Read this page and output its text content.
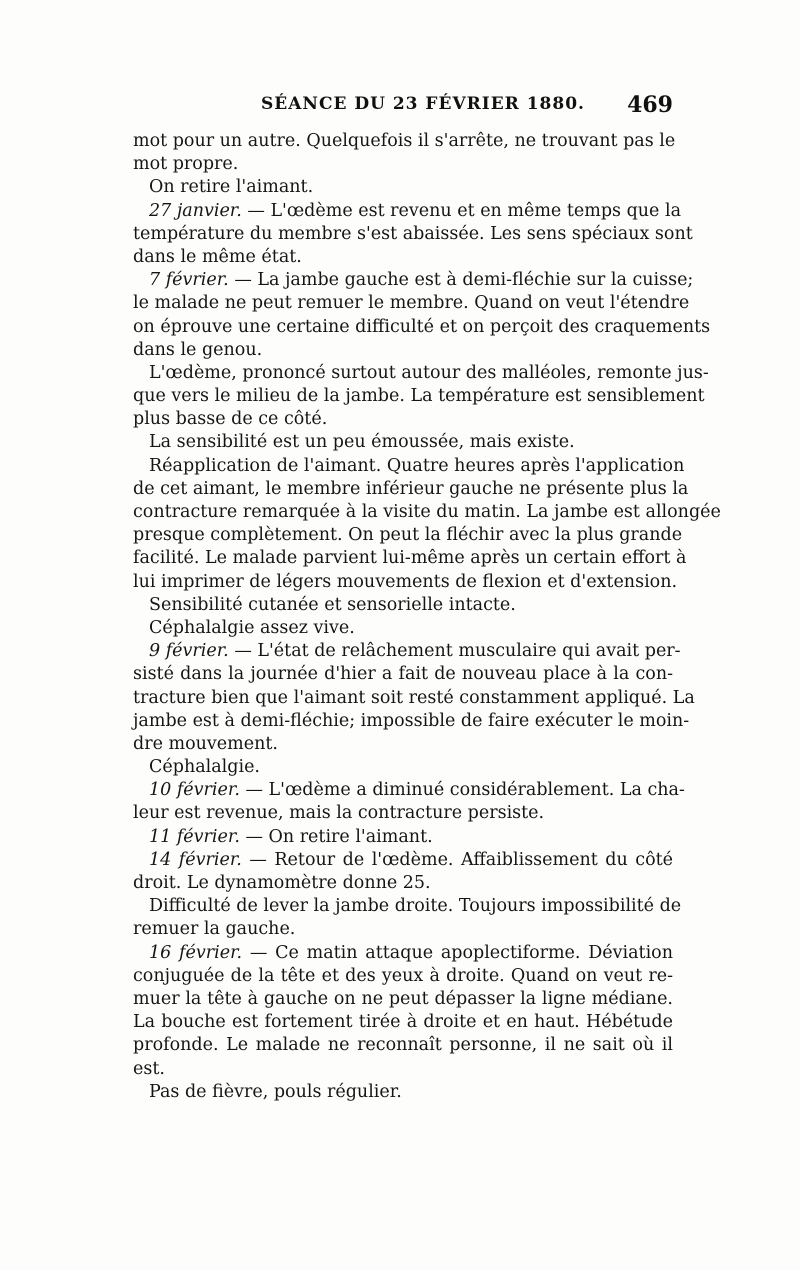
SÉANCE DU 23 FÉVRIER 1880. 469
mot pour un autre. Quelquefois il s'arrête, ne trouvant pas le
mot propre.
On retire l'aimant.
27 janvier. — L'œdème est revenu et en même temps que la
température du membre s'est abaissée. Les sens spéciaux sont
dans le même état.
7 février. — La jambe gauche est à demi-fléchie sur la cuisse;
le malade ne peut remuer le membre. Quand on veut l'étendre
on éprouve une certaine difficulté et on perçoit des craquements
dans le genou.
L'œdème, prononcé surtout autour des malléoles, remonte jus-
que vers le milieu de la jambe. La température est sensiblement
plus basse de ce côté.
La sensibilité est un peu émoussée, mais existe.
Réapplication de l'aimant. Quatre heures après l'application
de cet aimant, le membre inférieur gauche ne présente plus la
contracture remarquée à la visite du matin. La jambe est allongée
presque complètement. On peut la fléchir avec la plus grande
facilité. Le malade parvient lui-même après un certain effort à
lui imprimer de légers mouvements de flexion et d'extension.
Sensibilité cutanée et sensorielle intacte.
Céphalalgie assez vive.
9 février. — L'état de relâchement musculaire qui avait per-
sisté dans la journée d'hier a fait de nouveau place à la con-
tracture bien que l'aimant soit resté constamment appliqué. La
jambe est à demi-fléchie; impossible de faire exécuter le moin-
dre mouvement.
Céphalalgie.
10 février. — L'œdème a diminué considérablement. La cha-
leur est revenue, mais la contracture persiste.
11 février. — On retire l'aimant.
14 février. — Retour de l'œdème. Affaiblissement du côté
droit. Le dynamomètre donne 25.
Difficulté de lever la jambe droite. Toujours impossibilité de
remuer la gauche.
16 février. — Ce matin attaque apoplectiforme. Déviation
conjuguée de la tête et des yeux à droite. Quand on veut re-
muer la tête à gauche on ne peut dépasser la ligne médiane.
La bouche est fortement tirée à droite et en haut. Hébétude
profonde. Le malade ne reconnaît personne, il ne sait où il
est.
Pas de fièvre, pouls régulier.
